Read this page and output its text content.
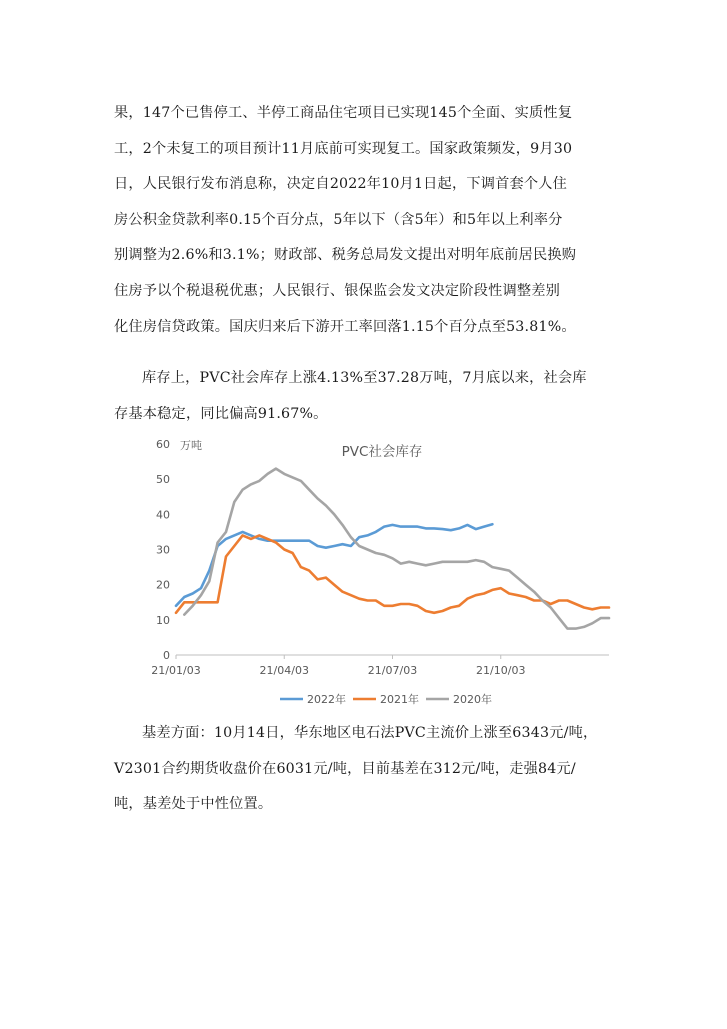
果，147个已售停工、半停工商品住宅项目已实现145个全面、实质性复
工，2个未复工的项目预计11月底前可实现复工。国家政策频发，9月30
日，人民银行发布消息称，决定自2022年10月1日起，下调首套个人住
房公积金贷款利率0.15个百分点，5年以下（含5年）和5年以上利率分
别调整为2.6%和3.1%；财政部、税务总局发文提出对明年底前居民换购
住房予以个税退税优惠；人民银行、银保监会发文决定阶段性调整差别
化住房信贷政策。国庆归来后下游开工率回落1.15个百分点至53.81%。

库存上，PVC社会库存上涨4.13%至37.28万吨，7月底以来，社会库
存基本稳定，同比偏高91.67%。

PVC社会库存
万吨
0
10
20
30
40
50
60
21/01/03	21/04/03	21/07/03	21/10/03
2022年	2021年	2020年

基差方面：10月14日，华东地区电石法PVC主流价上涨至6343元/吨，
V2301合约期货收盘价在6031元/吨，目前基差在312元/吨，走强84元/
吨，基差处于中性位置。
